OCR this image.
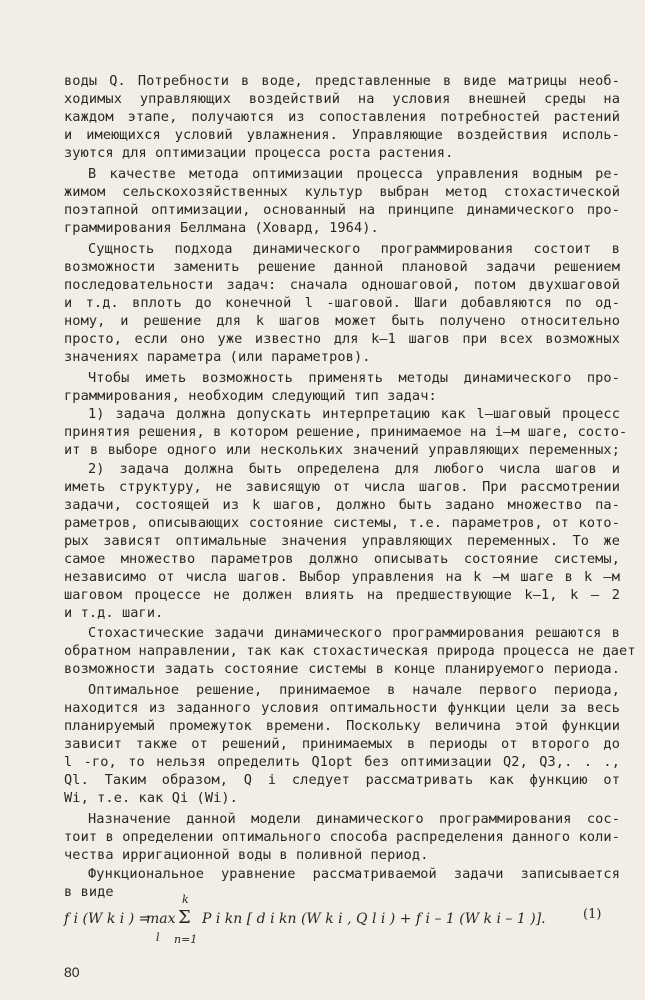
воды Q. Потребности в воде, представленные в виде матрицы необ-
ходимых управляющих воздействий на условия внешней среды на
каждом этапе, получаются из сопоставления потребностей растений
и имеющихся условий увлажнения. Управляющие воздействия исполь-
зуются для оптимизации процесса роста растения.
В качестве метода оптимизации процесса управления водным ре-
жимом сельскохозяйственных культур выбран метод стохастической
поэтапной оптимизации, основанный на принципе динамического про-
граммирования Беллмана (Ховард, 1964).
Сущность подхода динамического программирования состоит в
возможности заменить решение данной плановой задачи решением
последовательности задач: сначала одношаговой, потом двухшаговой
и т.д. вплоть до конечной l -шаговой. Шаги добавляются по од-
ному, и решение для k шагов может быть получено относительно
просто, если оно уже известно для k–1 шагов при всех возможных
значениях параметра (или параметров).
Чтобы иметь возможность применять методы динамического про-
граммирования, необходим следующий тип задач:
1) задача должна допускать интерпретацию как l–шаговый процесс
принятия решения, в котором решение, принимаемое на i–м шаге, состо-
ит в выборе одного или нескольких значений управляющих переменных;
2) задача должна быть определена для любого числа шагов и
иметь структуру, не зависящую от числа шагов. При рассмотрении
задачи, состоящей из k шагов, должно быть задано множество па-
раметров, описывающих состояние системы, т.е. параметров, от кото-
рых зависят оптимальные значения управляющих переменных. То же
самое множество параметров должно описывать состояние системы,
независимо от числа шагов. Выбор управления на k –м шаге в k –м
шаговом процессе не должен влиять на предшествующие k–1, k – 2
и т.д. шаги.
Стохастические задачи динамического программирования решаются в
обратном направлении, так как стохастическая природа процесса не дает
возможности задать состояние системы в конце планируемого периода.
Оптимальное решение, принимаемое в начале первого периода,
находится из заданного условия оптимальности функции цели за весь
планируемый промежуток времени. Поскольку величина этой функции
зависит также от решений, принимаемых в периоды от второго до
l -го, то нельзя определить Q1opt без оптимизации Q2, Q3,. . .,
Ql. Таким образом, Q i следует рассматривать как функцию от
Wi, т.е. как Qi (Wi).
Назначение данной модели динамического программирования сос-
тоит в определении оптимального способа распределения данного коли-
чества ирригационной воды в поливной период.
Функциональное уравнение рассматриваемой задачи записывается
в виде
f i (W k i ) =
max
l
k
Σ
n=1
P i kn [ d i kn (W k i , Q l i ) + f i – 1 (W k i – 1 )].	(1)
80
